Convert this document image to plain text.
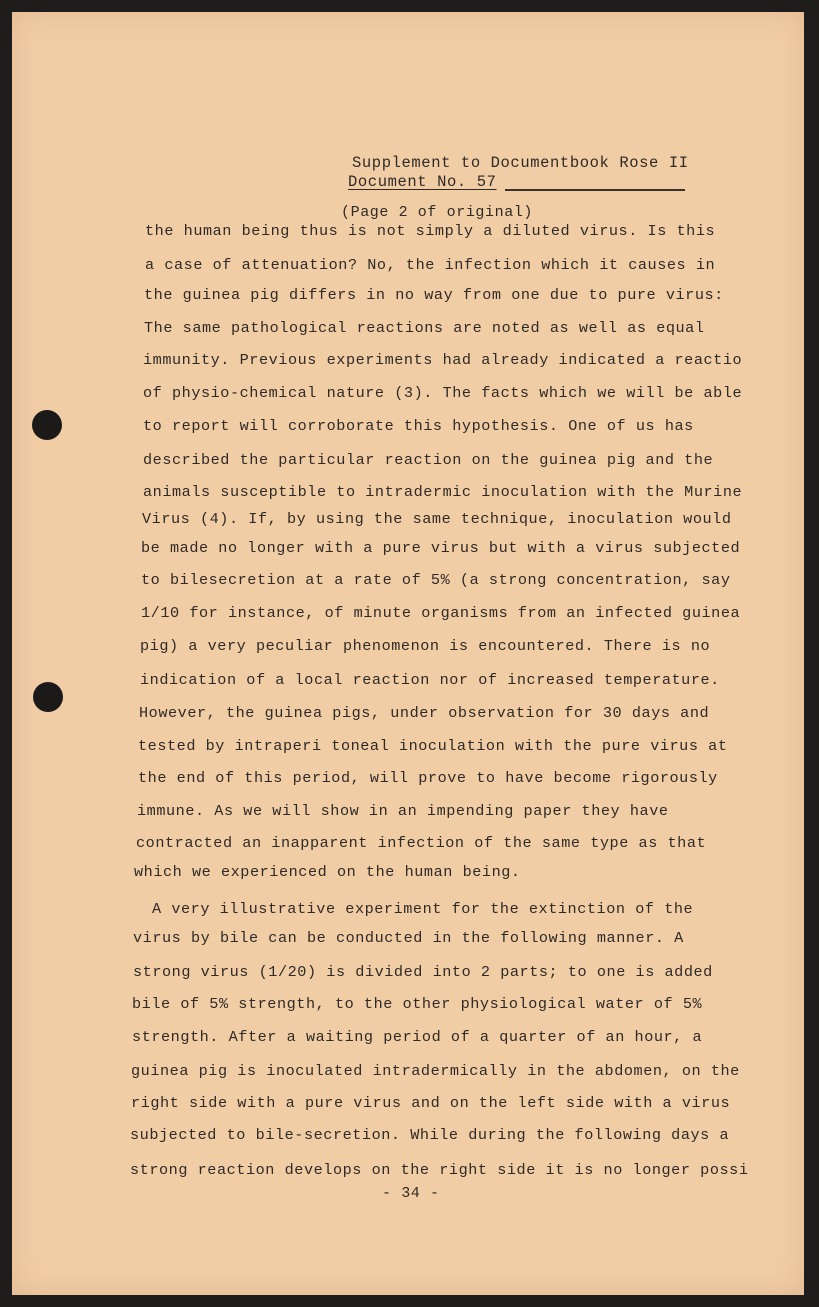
Supplement to Documentbook Rose II
Document No. 57
(Page 2 of original)
the human being thus is not simply a diluted virus. Is this
a case of attenuation? No, the infection which it causes in
the guinea pig differs in no way from one due to pure virus:
The same pathological reactions are noted as well as equal
immunity. Previous experiments had already indicated a reactio
of physio-chemical nature (3). The facts which we will be able
to report will corroborate this hypothesis. One of us has
described the particular reaction on the guinea pig and the
animals susceptible to intradermic inoculation with the Murine
Virus (4). If, by using the same technique, inoculation would
be made no longer with a pure virus but with a virus subjected
to bilesecretion at a rate of 5% (a strong concentration, say
1/10 for instance, of minute organisms from an infected guinea
pig) a very peculiar phenomenon is encountered. There is no
indication of a local reaction nor of increased temperature.
However, the guinea pigs, under observation for 30 days and
tested by intraperi toneal inoculation with the pure virus at
the end of this period, will prove to have become rigorously
immune. As we will show in an impending paper they have
contracted an inapparent infection of the same type as that
which we experienced on the human being.
A very illustrative experiment for the extinction of the
virus by bile can be conducted in the following manner. A
strong virus (1/20) is divided into 2 parts; to one is added
bile of 5% strength, to the other physiological water of 5%
strength. After a waiting period of a quarter of an hour, a
guinea pig is inoculated intradermically in the abdomen, on the
right side with a pure virus and on the left side with a virus
subjected to bile-secretion. While during the following days a
strong reaction develops on the right side it is no longer possi
- 34 -
